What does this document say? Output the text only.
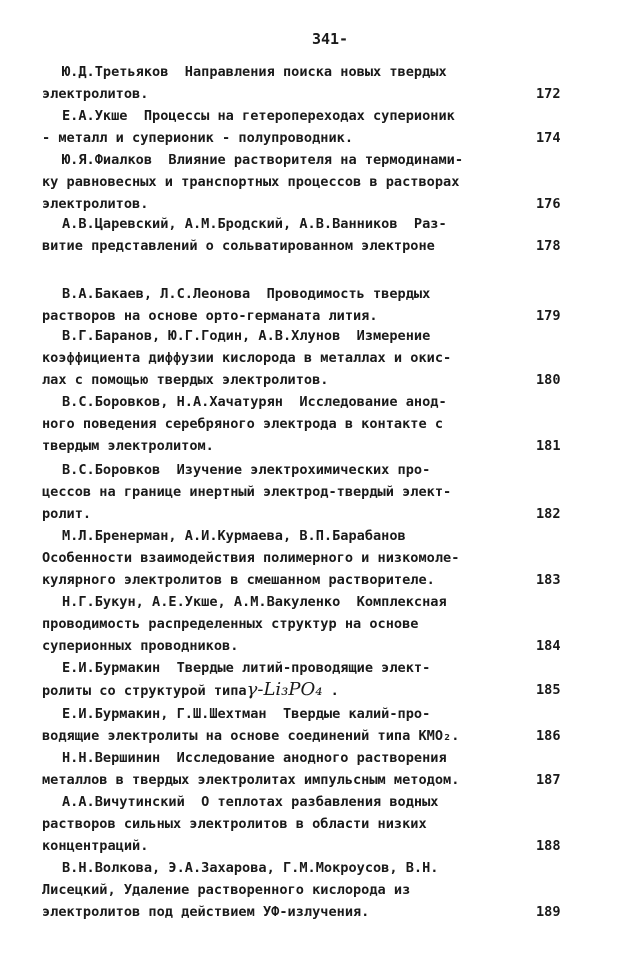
341-
Ю.Д.Третьяков  Направления поиска новых твердых
электролитов.	172
Е.А.Укше  Процессы на гетеропереходах суперионик
- металл и суперионик - полупроводник.	174
Ю.Я.Фиалков  Влияние растворителя на термодинами-
ку равновесных и транспортных процессов в растворах
электролитов.	176
А.В.Царевский, А.М.Бродский, А.В.Ванников  Раз-
витие представлений о сольватированном электроне	178
В.А.Бакаев, Л.С.Леонова  Проводимость твердых
растворов на основе орто-германата лития.	179
В.Г.Баранов, Ю.Г.Годин, А.В.Хлунов  Измерение
коэффициента диффузии кислорода в металлах и окис-
лах с помощью твердых электролитов.	180
В.С.Боровков, Н.А.Хачатурян  Исследование анод-
ного поведения серебряного электрода в контакте с
твердым электролитом.	181
В.С.Боровков  Изучение электрохимических про-
цессов на границе инертный электрод-твердый элект-
ролит.	182
М.Л.Бренерман, А.И.Курмаева, В.П.Барабанов
Особенности взаимодействия полимерного и низкомоле-
кулярного электролитов в смешанном растворителе.	183
Н.Г.Букун, А.Е.Укше, А.М.Вакуленко  Комплексная
проводимость распределенных структур на основе
суперионных проводников.	184
Е.И.Бурмакин  Твердые литий-проводящие элект-
ролиты со структурой типаγ-Li₃PO₄ .	185
Е.И.Бурмакин, Г.Ш.Шехтман  Твердые калий-про-
водящие электролиты на основе соединений типа КМО₂.	186
Н.Н.Вершинин  Исследование анодного растворения
металлов в твердых электролитах импульсным методом.	187
А.А.Вичутинский  О теплотах разбавления водных
растворов сильных электролитов в области низких
концентраций.	188
В.Н.Волкова, Э.А.Захарова, Г.М.Мокроусов, В.Н.
Лисецкий, Удаление растворенного кислорода из
электролитов под действием УФ-излучения.	189
